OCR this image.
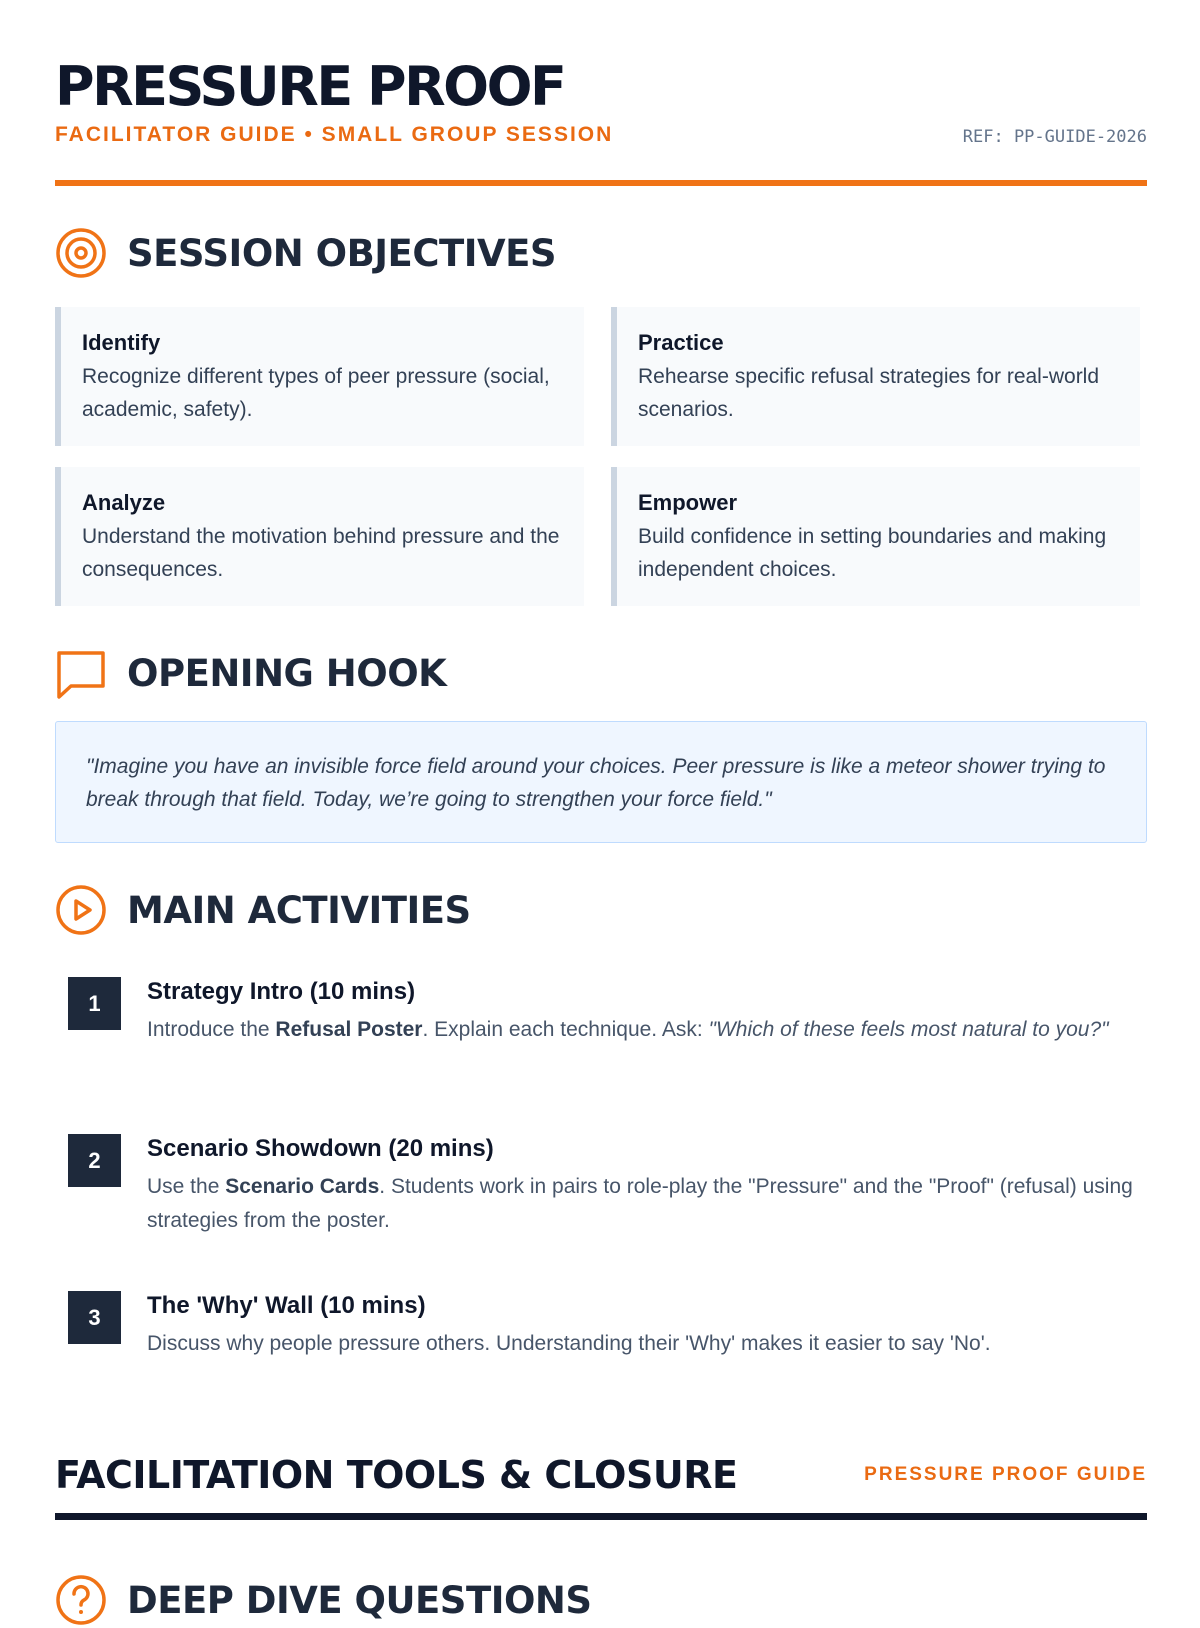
PRESSURE PROOF
FACILITATOR GUIDE • SMALL GROUP SESSION	REF: PP-GUIDE-2026
SESSION OBJECTIVES
Identify
Recognize different types of peer pressure (social, academic, safety).
Practice
Rehearse specific refusal strategies for real-world scenarios.
Analyze
Understand the motivation behind pressure and the consequences.
Empower
Build confidence in setting boundaries and making independent choices.
OPENING HOOK
"Imagine you have an invisible force field around your choices. Peer pressure is like a meteor shower trying to break through that field. Today, we’re going to strengthen your force field."
MAIN ACTIVITIES
1	Strategy Intro (10 mins)
Introduce the Refusal Poster. Explain each technique. Ask: "Which of these feels most natural to you?"
2	Scenario Showdown (20 mins)
Use the Scenario Cards. Students work in pairs to role-play the "Pressure" and the "Proof" (refusal) using strategies from the poster.
3	The 'Why' Wall (10 mins)
Discuss why people pressure others. Understanding their 'Why' makes it easier to say 'No'.
FACILITATION TOOLS & CLOSURE	PRESSURE PROOF GUIDE
DEEP DIVE QUESTIONS
